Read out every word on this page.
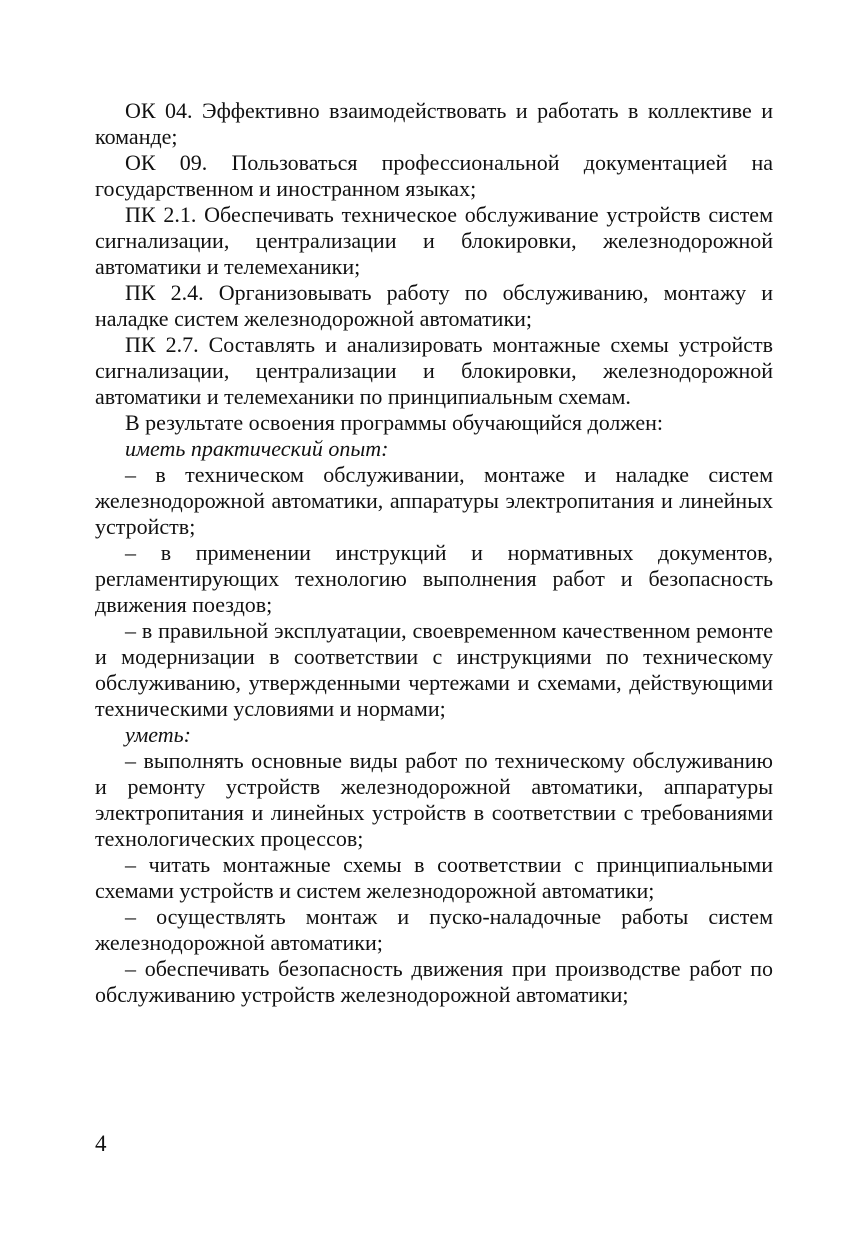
ОК 04. Эффективно взаимодействовать и работать в коллективе и команде;

ОК 09. Пользоваться профессиональной документацией на государственном и иностранном языках;

ПК 2.1. Обеспечивать техническое обслуживание устройств систем сигнализации, централизации и блокировки, железнодорожной автоматики и телемеханики;

ПК 2.4. Организовывать работу по обслуживанию, монтажу и наладке систем железнодорожной автоматики;

ПК 2.7. Составлять и анализировать монтажные схемы устройств сигнализации, централизации и блокировки, железнодорожной автоматики и телемеханики по принципиальным схемам.

В результате освоения программы обучающийся должен:

иметь практический опыт:

– в техническом обслуживании, монтаже и наладке систем железнодорожной автоматики, аппаратуры электропитания и линейных устройств;

– в применении инструкций и нормативных документов, регламентирующих технологию выполнения работ и безопасность движения поездов;

– в правильной эксплуатации, своевременном качественном ремонте и модернизации в соответствии с инструкциями по техническому обслуживанию, утвержденными чертежами и схемами, действующими техническими условиями и нормами;

уметь:

– выполнять основные виды работ по техническому обслуживанию и ремонту устройств железнодорожной автоматики, аппаратуры электропитания и линейных устройств в соответствии с требованиями технологических процессов;

– читать монтажные схемы в соответствии с принципиальными схемами устройств и систем железнодорожной автоматики;

– осуществлять монтаж и пуско-наладочные работы систем железнодорожной автоматики;

– обеспечивать безопасность движения при производстве работ по обслуживанию устройств железнодорожной автоматики;

4
